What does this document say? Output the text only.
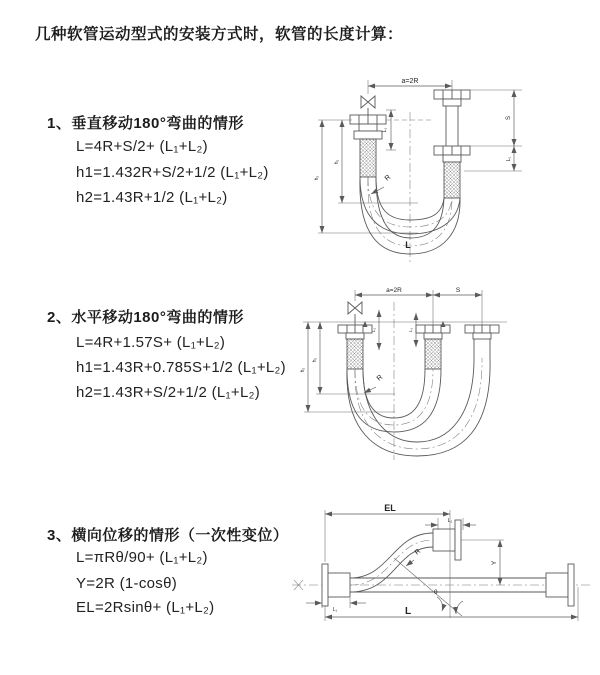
几种软管运动型式的安装方式时，软管的长度计算：
1、垂直移动180°弯曲的情形
L=4R+S/2+ (L₁+L₂)
h1=1.432R+S/2+1/2 (L₁+L₂)
h2=1.43R+1/2 (L₁+L₂)
2、水平移动180°弯曲的情形
L=4R+1.57S+ (L₁+L₂)
h1=1.43R+0.785S+1/2 (L₁+L₂)
h2=1.43R+S/2+1/2 (L₁+L₂)
3、横向位移的情形（一次性变位）
L=πRθ/90+ (L₁+L₂)
Y=2R (1-cosθ)
EL=2Rsinθ+ (L₁+L₂)
a=2R
L₁
S
L₁
h₁
h₂	R
L
a=2R	S
L₁	L₁
h₁
h₂
R
θ
EL
L₁
Y
R
L
L₁
